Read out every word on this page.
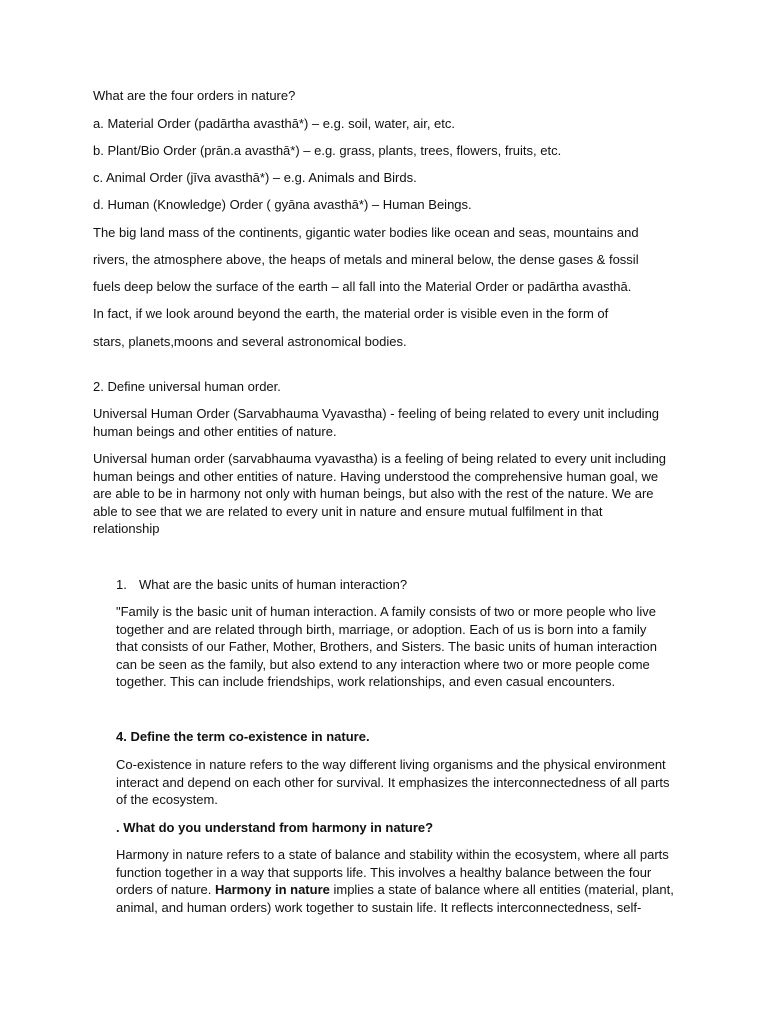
What are the four orders in nature?

a. Material Order (padārtha avasthā*) – e.g. soil, water, air, etc.

b. Plant/Bio Order (prān.a avasthā*) – e.g. grass, plants, trees, flowers, fruits, etc.

c. Animal Order (jīva avasthā*) – e.g. Animals and Birds.

d. Human (Knowledge) Order ( gyāna avasthā*) – Human Beings.

The big land mass of the continents, gigantic water bodies like ocean and seas, mountains and

rivers, the atmosphere above, the heaps of metals and mineral below, the dense gases & fossil

fuels deep below the surface of the earth – all fall into the Material Order or padārtha avasthā.

In fact, if we look around beyond the earth, the material order is visible even in the form of

stars, planets,moons and several astronomical bodies.

2. Define universal human order.

Universal Human Order (Sarvabhauma Vyavastha) - feeling of being related to every unit including
human beings and other entities of nature.
Universal human order (sarvabhauma vyavastha) is a feeling of being related to every unit including
human beings and other entities of nature. Having understood the comprehensive human goal, we
are able to be in harmony not only with human beings, but also with the rest of the nature. We are
able to see that we are related to every unit in nature and ensure mutual fulfilment in that
relationship

1. What are the basic units of human interaction?

"Family is the basic unit of human interaction. A family consists of two or more people who live
together and are related through birth, marriage, or adoption. Each of us is born into a family
that consists of our Father, Mother, Brothers, and Sisters. The basic units of human interaction
can be seen as the family, but also extend to any interaction where two or more people come
together. This can include friendships, work relationships, and even casual encounters.

4. Define the term co-existence in nature.

Co-existence in nature refers to the way different living organisms and the physical environment
interact and depend on each other for survival. It emphasizes the interconnectedness of all parts
of the ecosystem.

. What do you understand from harmony in nature?

Harmony in nature refers to a state of balance and stability within the ecosystem, where all parts
function together in a way that supports life. This involves a healthy balance between the four
orders of nature. Harmony in nature implies a state of balance where all entities (material, plant,
animal, and human orders) work together to sustain life. It reflects interconnectedness, self-
